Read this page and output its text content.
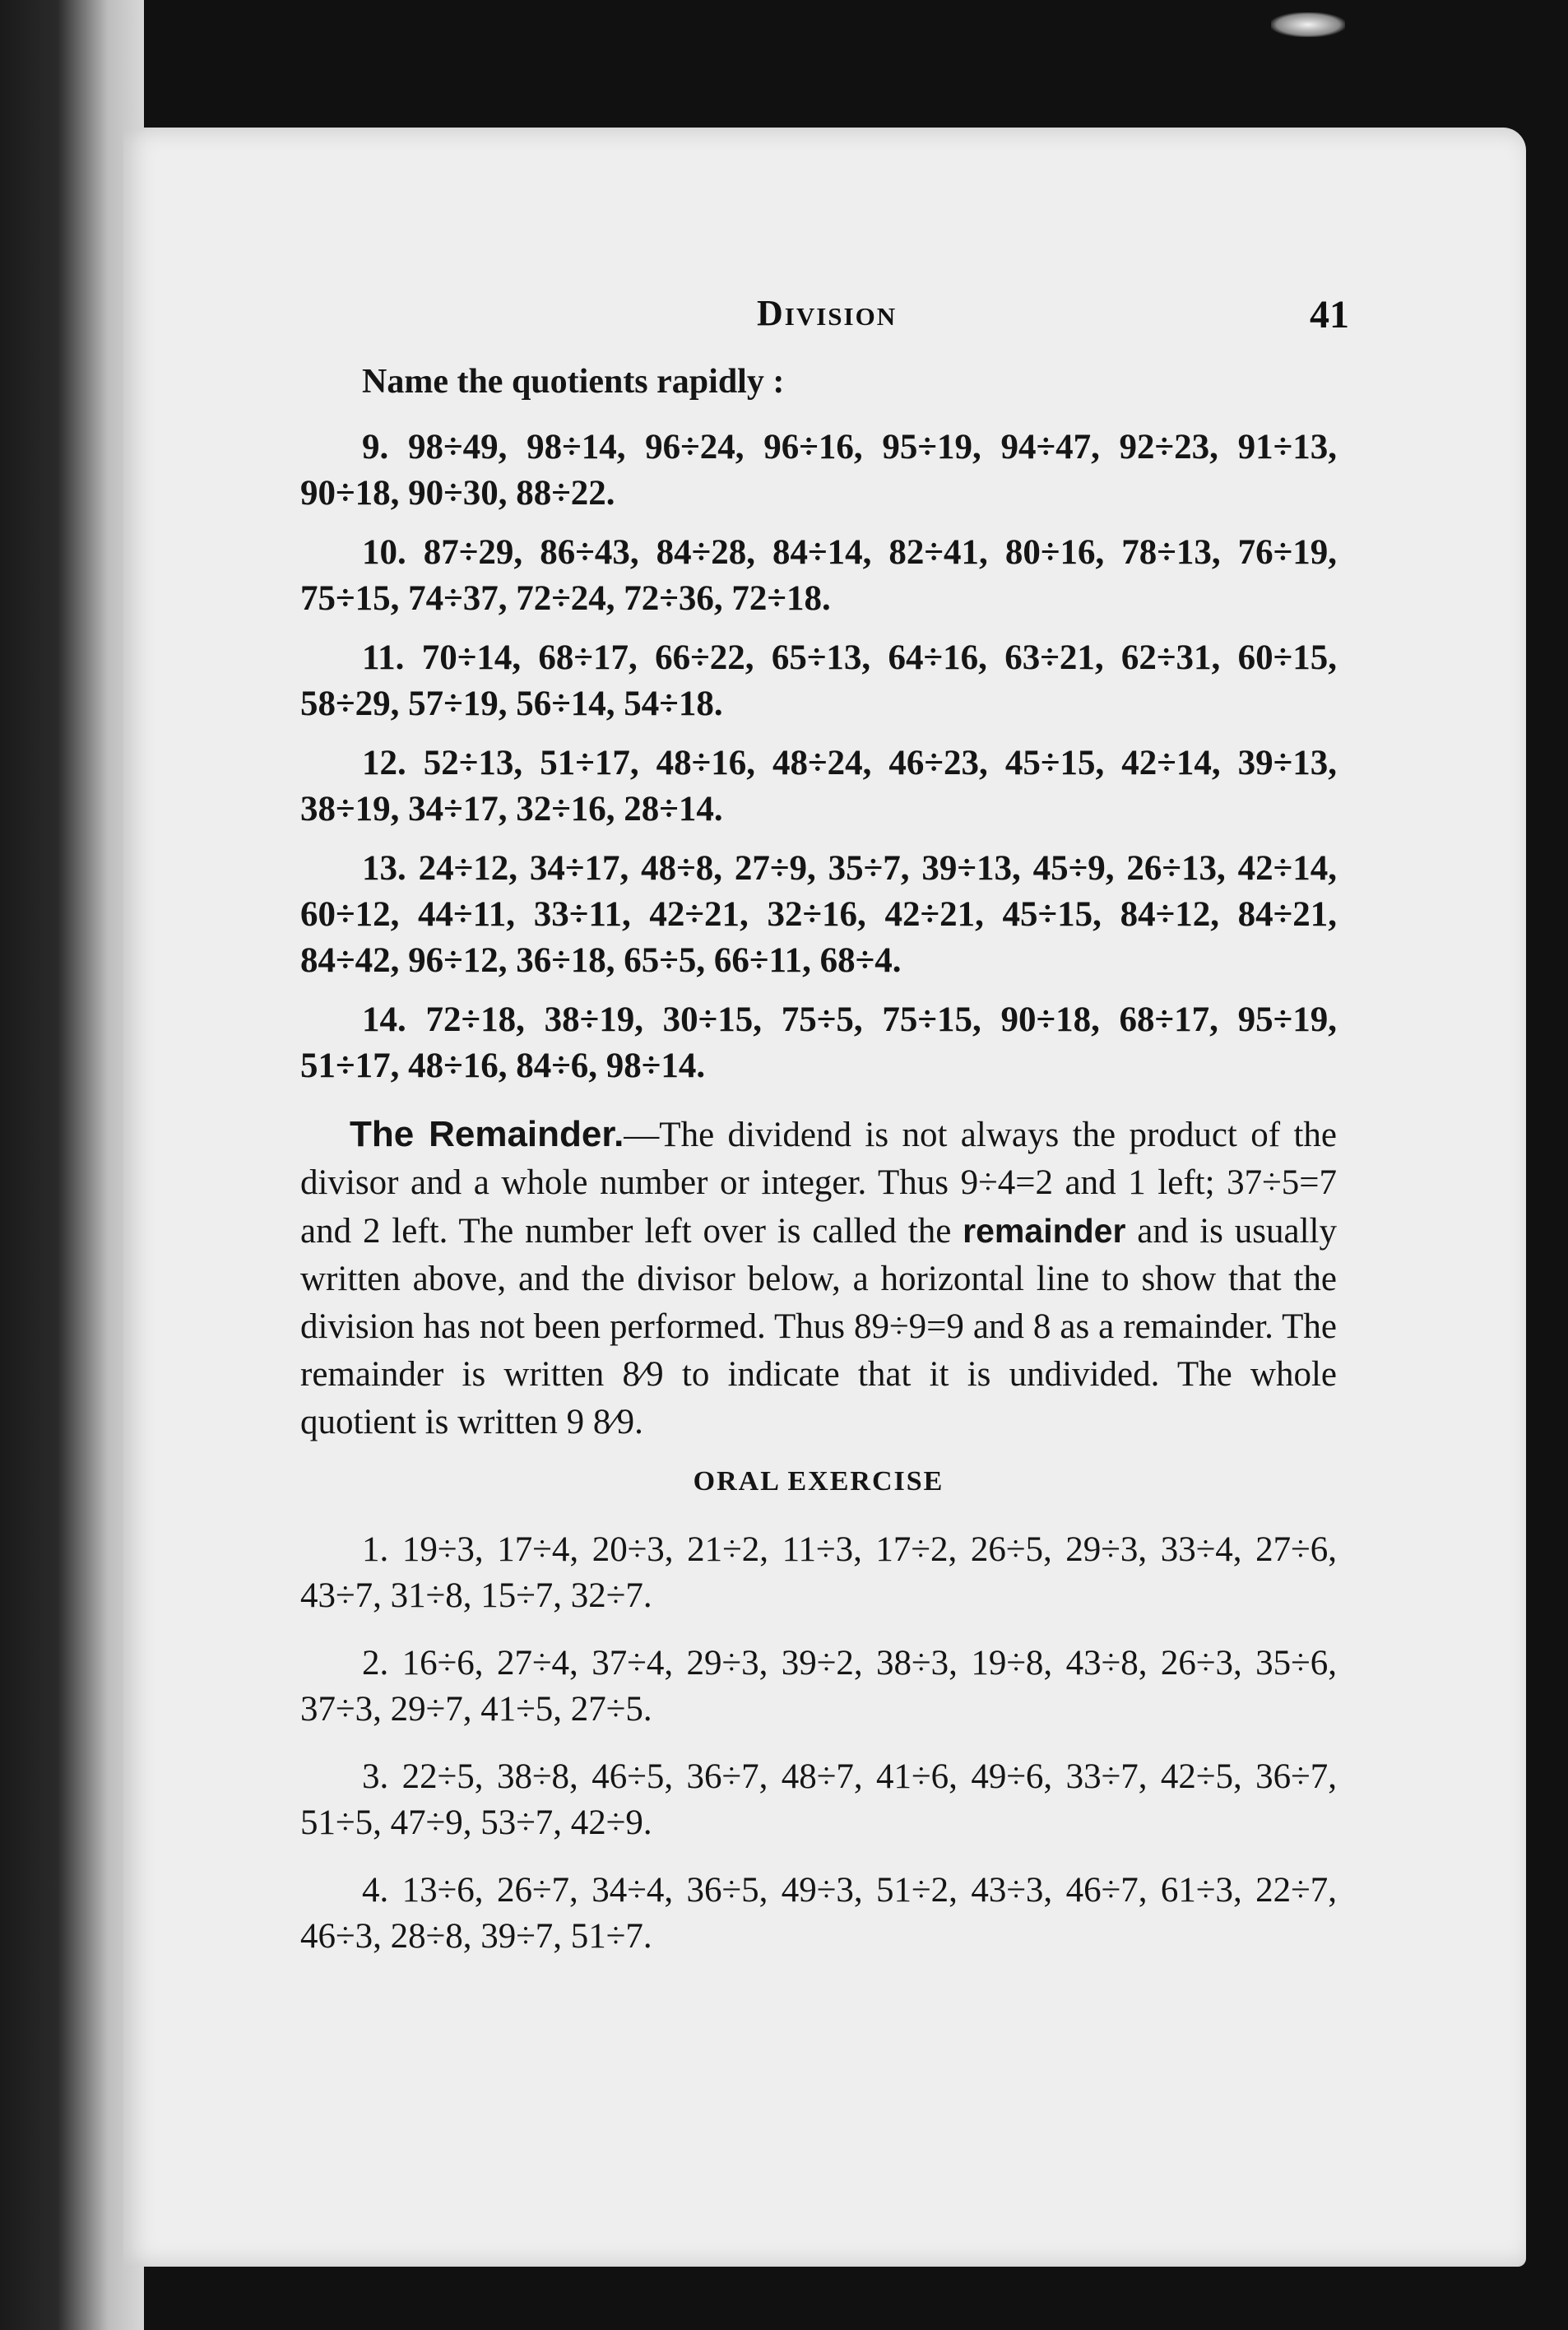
Division	41

Name the quotients rapidly :

9. 98÷49, 98÷14, 96÷24, 96÷16, 95÷19, 94÷47, 92÷23, 91÷13, 90÷18, 90÷30, 88÷22.

10. 87÷29, 86÷43, 84÷28, 84÷14, 82÷41, 80÷16, 78÷13, 76÷19, 75÷15, 74÷37, 72÷24, 72÷36, 72÷18.

11. 70÷14, 68÷17, 66÷22, 65÷13, 64÷16, 63÷21, 62÷31, 60÷15, 58÷29, 57÷19, 56÷14, 54÷18.

12. 52÷13, 51÷17, 48÷16, 48÷24, 46÷23, 45÷15, 42÷14, 39÷13, 38÷19, 34÷17, 32÷16, 28÷14.

13. 24÷12, 34÷17, 48÷8, 27÷9, 35÷7, 39÷13, 45÷9, 26÷13, 42÷14, 60÷12, 44÷11, 33÷11, 42÷21, 32÷16, 42÷21, 45÷15, 84÷12, 84÷21, 84÷42, 96÷12, 36÷18, 65÷5, 66÷11, 68÷4.

14. 72÷18, 38÷19, 30÷15, 75÷5, 75÷15, 90÷18, 68÷17, 95÷19, 51÷17, 48÷16, 84÷6, 98÷14.

The Remainder.—The dividend is not always the product of the divisor and a whole number or integer. Thus 9÷4=2 and 1 left; 37÷5=7 and 2 left. The number left over is called the remainder and is usually written above, and the divisor below, a horizontal line to show that the division has not been performed. Thus 89÷9=9 and 8 as a remainder. The remainder is written 8⁄9 to indicate that it is undivided. The whole quotient is written 9 8⁄9.

ORAL EXERCISE

1. 19÷3, 17÷4, 20÷3, 21÷2, 11÷3, 17÷2, 26÷5, 29÷3, 33÷4, 27÷6, 43÷7, 31÷8, 15÷7, 32÷7.

2. 16÷6, 27÷4, 37÷4, 29÷3, 39÷2, 38÷3, 19÷8, 43÷8, 26÷3, 35÷6, 37÷3, 29÷7, 41÷5, 27÷5.

3. 22÷5, 38÷8, 46÷5, 36÷7, 48÷7, 41÷6, 49÷6, 33÷7, 42÷5, 36÷7, 51÷5, 47÷9, 53÷7, 42÷9.

4. 13÷6, 26÷7, 34÷4, 36÷5, 49÷3, 51÷2, 43÷3, 46÷7, 61÷3, 22÷7, 46÷3, 28÷8, 39÷7, 51÷7.
